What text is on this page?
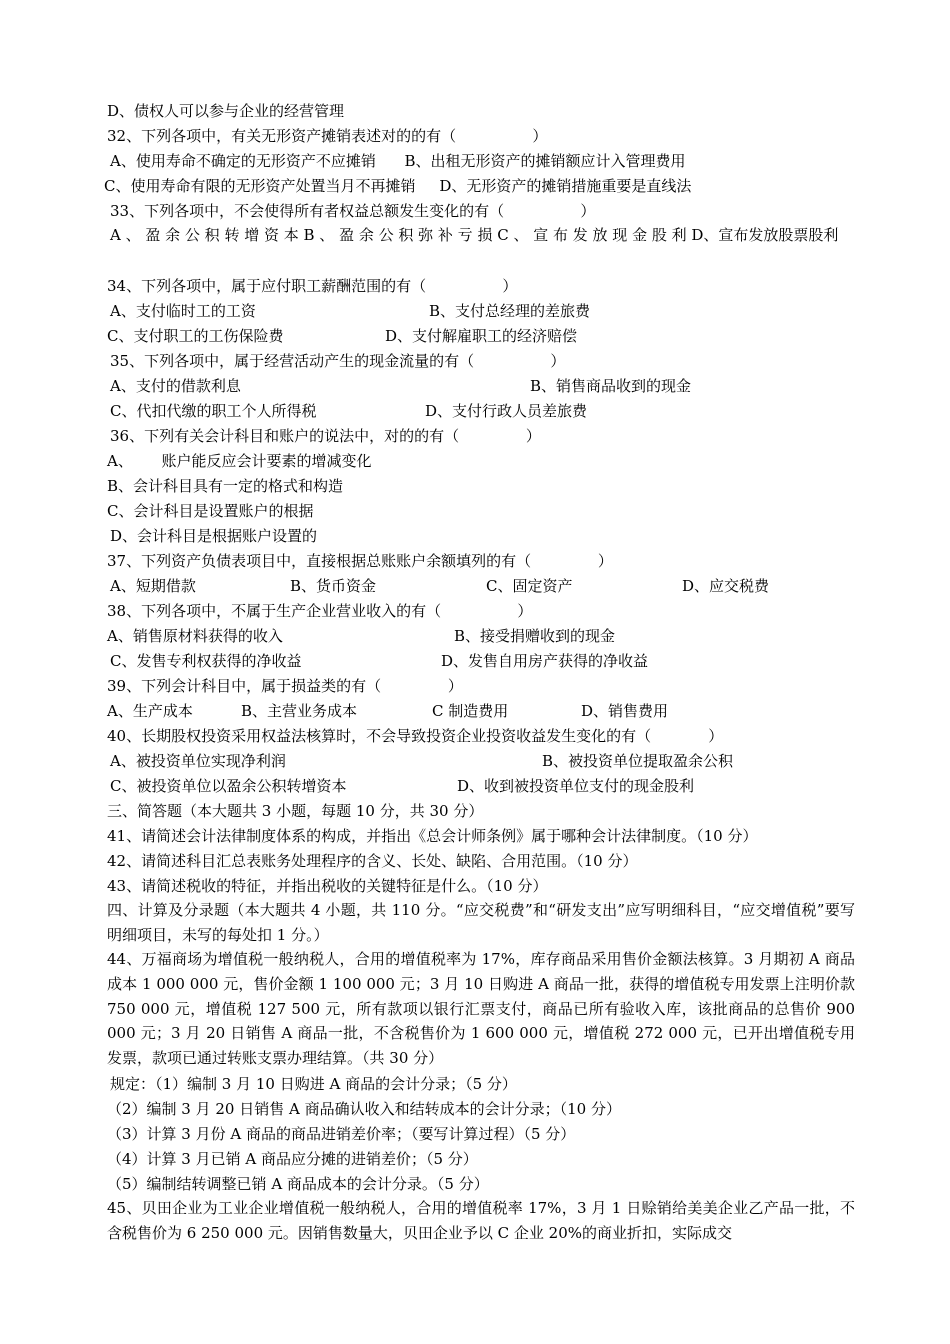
D、债权人可以参与企业的经营管理
32、下列各项中，有关无形资产摊销表述对的的有（                ）
A、使用寿命不确定的无形资产不应摊销      B、出租无形资产的摊销额应计入管理费用
C、使用寿命有限的无形资产处置当月不再摊销     D、无形资产的摊销措施重要是直线法
33、下列各项中，不会使得所有者权益总额发生变化的有（                ）
A 、 盈 余 公 积 转 增 资 本 B 、 盈 余 公 积 弥 补 亏 损 C 、 宣 布 发 放 现 金 股 利 D、宣布发放股票股利
34、下列各项中，属于应付职工薪酬范围的有（                ）
A、支付临时工的工资	B、支付总经理的差旅费
C、支付职工的工伤保险费	D、支付解雇职工的经济赔偿
35、下列各项中，属于经营活动产生的现金流量的有（                ）
A、支付的借款利息	B、销售商品收到的现金
C、代扣代缴的职工个人所得税	D、支付行政人员差旅费
36、下列有关会计科目和账户的说法中，对的的有（              ）
A、      账户能反应会计要素的增减变化
B、会计科目具有一定的格式和构造
C、会计科目是设置账户的根据
D、会计科目是根据账户设置的
37、下列资产负债表项目中，直接根据总账账户余额填列的有（              ）
A、短期借款	B、货币资金	C、固定资产	D、应交税费
38、下列各项中，不属于生产企业营业收入的有（                ）
A、销售原材料获得的收入	B、接受捐赠收到的现金
C、发售专利权获得的净收益	D、发售自用房产获得的净收益
39、下列会计科目中，属于损益类的有（              ）
A、生产成本	B、主营业务成本	C 制造费用	D、销售费用
40、长期股权投资采用权益法核算时，不会导致投资企业投资收益发生变化的有（            ）
A、被投资单位实现净利润	B、被投资单位提取盈余公积
C、被投资单位以盈余公积转增资本	D、收到被投资单位支付的现金股利
三、简答题（本大题共 3 小题，每题 10 分，共 30 分）
41、请简述会计法律制度体系的构成，并指出《总会计师条例》属于哪种会计法律制度。（10 分）
42、请简述科目汇总表账务处理程序的含义、长处、缺陷、合用范围。（10 分）
43、请简述税收的特征，并指出税收的关键特征是什么。（10 分）
四、计算及分录题（本大题共 4 小题，共 110 分。“应交税费”和“研发支出”应写明细科目，“应交增值税”要写明细项目，未写的每处扣 1 分。）
44、万福商场为增值税一般纳税人，合用的增值税率为 17%，库存商品采用售价金额法核算。3 月期初 A 商品成本 1 000 000 元，售价金额 1 100 000 元；3 月 10 日购进 A 商品一批，获得的增值税专用发票上注明价款 750 000 元，增值税 127 500 元，所有款项以银行汇票支付，商品已所有验收入库，该批商品的总售价 900 000 元；3 月 20 日销售 A 商品一批，不含税售价为 1 600 000 元，增值税 272 000 元，已开出增值税专用发票，款项已通过转账支票办理结算。（共 30 分）
规定：（1）编制 3 月 10 日购进 A 商品的会计分录；（5 分）
（2）编制 3 月 20 日销售 A 商品确认收入和结转成本的会计分录；（10 分）
（3）计算 3 月份 A 商品的商品进销差价率；（要写计算过程）（5 分）
（4）计算 3 月已销 A 商品应分摊的进销差价；（5 分）
（5）编制结转调整已销 A 商品成本的会计分录。（5 分）
45、贝田企业为工业企业增值税一般纳税人，合用的增值税率 17%，3 月 1 日赊销给美美企业乙产品一批，不含税售价为 6 250 000 元。因销售数量大，贝田企业予以 C 企业 20%的商业折扣，实际成交
